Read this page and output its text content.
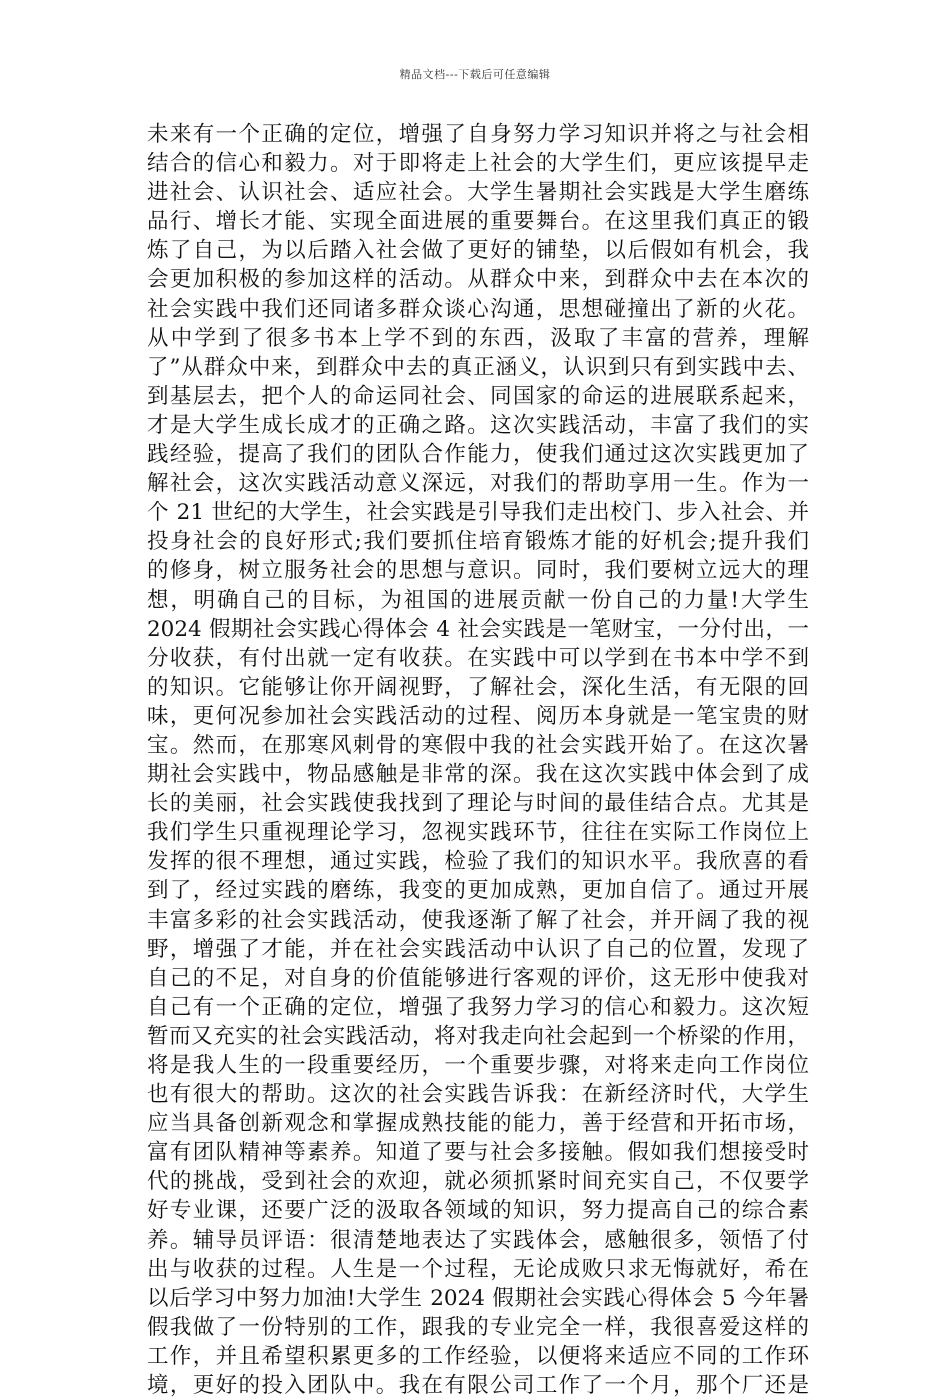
精品文档---下载后可任意编辑
未来有一个正确的定位，增强了自身努力学习知识并将之与社会相
结合的信心和毅力。对于即将走上社会的大学生们，更应该提早走
进社会、认识社会、适应社会。大学生暑期社会实践是大学生磨练
品行、增长才能、实现全面进展的重要舞台。在这里我们真正的锻
炼了自己，为以后踏入社会做了更好的铺垫，以后假如有机会，我
会更加积极的参加这样的活动。从群众中来，到群众中去在本次的
社会实践中我们还同诸多群众谈心沟通，思想碰撞出了新的火花。
从中学到了很多书本上学不到的东西，汲取了丰富的营养，理解
了”从群众中来，到群众中去的真正涵义，认识到只有到实践中去、
到基层去，把个人的命运同社会、同国家的命运的进展联系起来，
才是大学生成长成才的正确之路。这次实践活动，丰富了我们的实
践经验，提高了我们的团队合作能力，使我们通过这次实践更加了
解社会，这次实践活动意义深远，对我们的帮助享用一生。作为一
个 21 世纪的大学生，社会实践是引导我们走出校门、步入社会、并
投身社会的良好形式;我们要抓住培育锻炼才能的好机会;提升我们
的修身，树立服务社会的思想与意识。同时，我们要树立远大的理
想，明确自己的目标，为祖国的进展贡献一份自己的力量!大学生
2024 假期社会实践心得体会 4 社会实践是一笔财宝，一分付出，一
分收获，有付出就一定有收获。在实践中可以学到在书本中学不到
的知识。它能够让你开阔视野，了解社会，深化生活，有无限的回
味，更何况参加社会实践活动的过程、阅历本身就是一笔宝贵的财
宝。然而，在那寒风刺骨的寒假中我的社会实践开始了。在这次暑
期社会实践中，物品感触是非常的深。我在这次实践中体会到了成
长的美丽，社会实践使我找到了理论与时间的最佳结合点。尤其是
我们学生只重视理论学习，忽视实践环节，往往在实际工作岗位上
发挥的很不理想，通过实践，检验了我们的知识水平。我欣喜的看
到了，经过实践的磨练，我变的更加成熟，更加自信了。通过开展
丰富多彩的社会实践活动，使我逐渐了解了社会，并开阔了我的视
野，增强了才能，并在社会实践活动中认识了自己的位置，发现了
自己的不足，对自身的价值能够进行客观的评价，这无形中使我对
自己有一个正确的定位，增强了我努力学习的信心和毅力。这次短
暂而又充实的社会实践活动，将对我走向社会起到一个桥梁的作用，
将是我人生的一段重要经历，一个重要步骤，对将来走向工作岗位
也有很大的帮助。这次的社会实践告诉我：在新经济时代，大学生
应当具备创新观念和掌握成熟技能的能力，善于经营和开拓市场，
富有团队精神等素养。知道了要与社会多接触。假如我们想接受时
代的挑战，受到社会的欢迎，就必须抓紧时间充实自己，不仅要学
好专业课，还要广泛的汲取各领域的知识，努力提高自己的综合素
养。辅导员评语：很清楚地表达了实践体会，感触很多，领悟了付
出与收获的过程。人生是一个过程，无论成败只求无悔就好，希在
以后学习中努力加油!大学生 2024 假期社会实践心得体会 5 今年暑
假我做了一份特别的工作，跟我的专业完全一样，我很喜爱这样的
工作，并且希望积累更多的工作经验，以便将来适应不同的工作环
境，更好的投入团队中。我在有限公司工作了一个月，那个厂还是
